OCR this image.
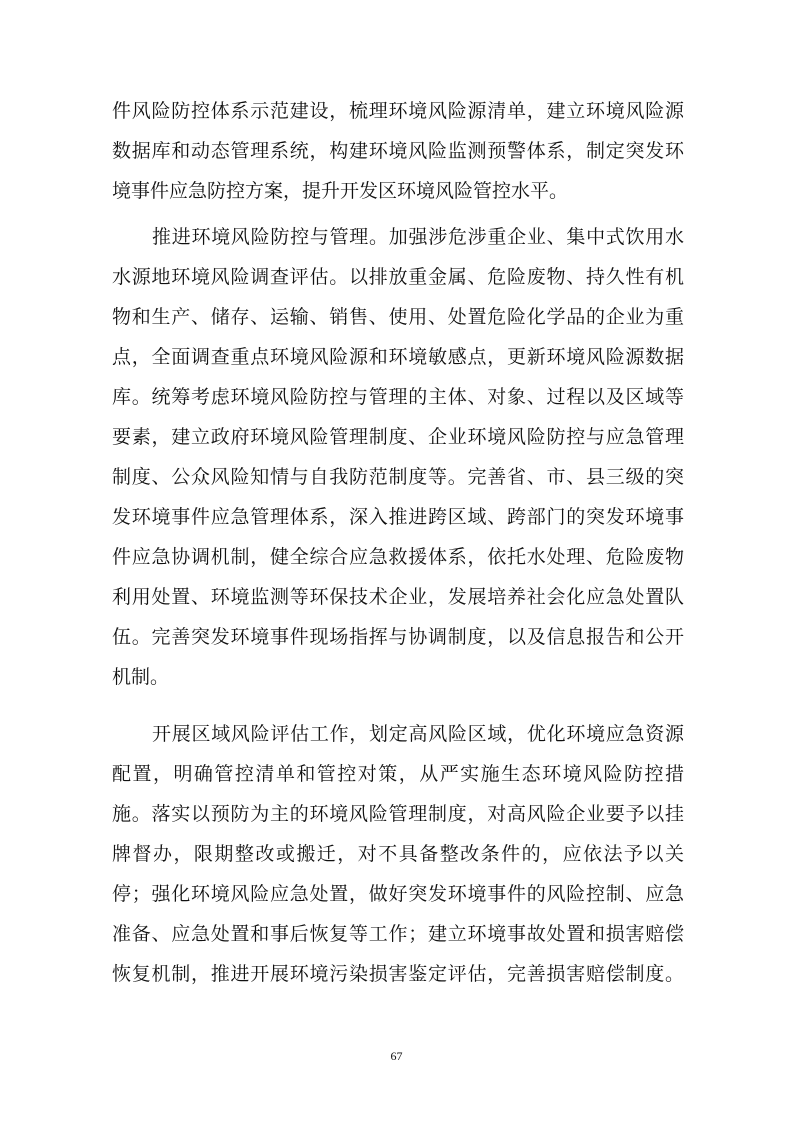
件风险防控体系示范建设，梳理环境风险源清单，建立环境风险源
数据库和动态管理系统，构建环境风险监测预警体系，制定突发环
境事件应急防控方案，提升开发区环境风险管控水平。
推进环境风险防控与管理。加强涉危涉重企业、集中式饮用水
水源地环境风险调查评估。以排放重金属、危险废物、持久性有机
物和生产、储存、运输、销售、使用、处置危险化学品的企业为重
点，全面调查重点环境风险源和环境敏感点，更新环境风险源数据
库。统筹考虑环境风险防控与管理的主体、对象、过程以及区域等
要素，建立政府环境风险管理制度、企业环境风险防控与应急管理
制度、公众风险知情与自我防范制度等。完善省、市、县三级的突
发环境事件应急管理体系，深入推进跨区域、跨部门的突发环境事
件应急协调机制，健全综合应急救援体系，依托水处理、危险废物
利用处置、环境监测等环保技术企业，发展培养社会化应急处置队
伍。完善突发环境事件现场指挥与协调制度，以及信息报告和公开
机制。
开展区域风险评估工作，划定高风险区域，优化环境应急资源
配置，明确管控清单和管控对策，从严实施生态环境风险防控措
施。落实以预防为主的环境风险管理制度，对高风险企业要予以挂
牌督办，限期整改或搬迁，对不具备整改条件的，应依法予以关
停；强化环境风险应急处置，做好突发环境事件的风险控制、应急
准备、应急处置和事后恢复等工作；建立环境事故处置和损害赔偿
恢复机制，推进开展环境污染损害鉴定评估，完善损害赔偿制度。
67
